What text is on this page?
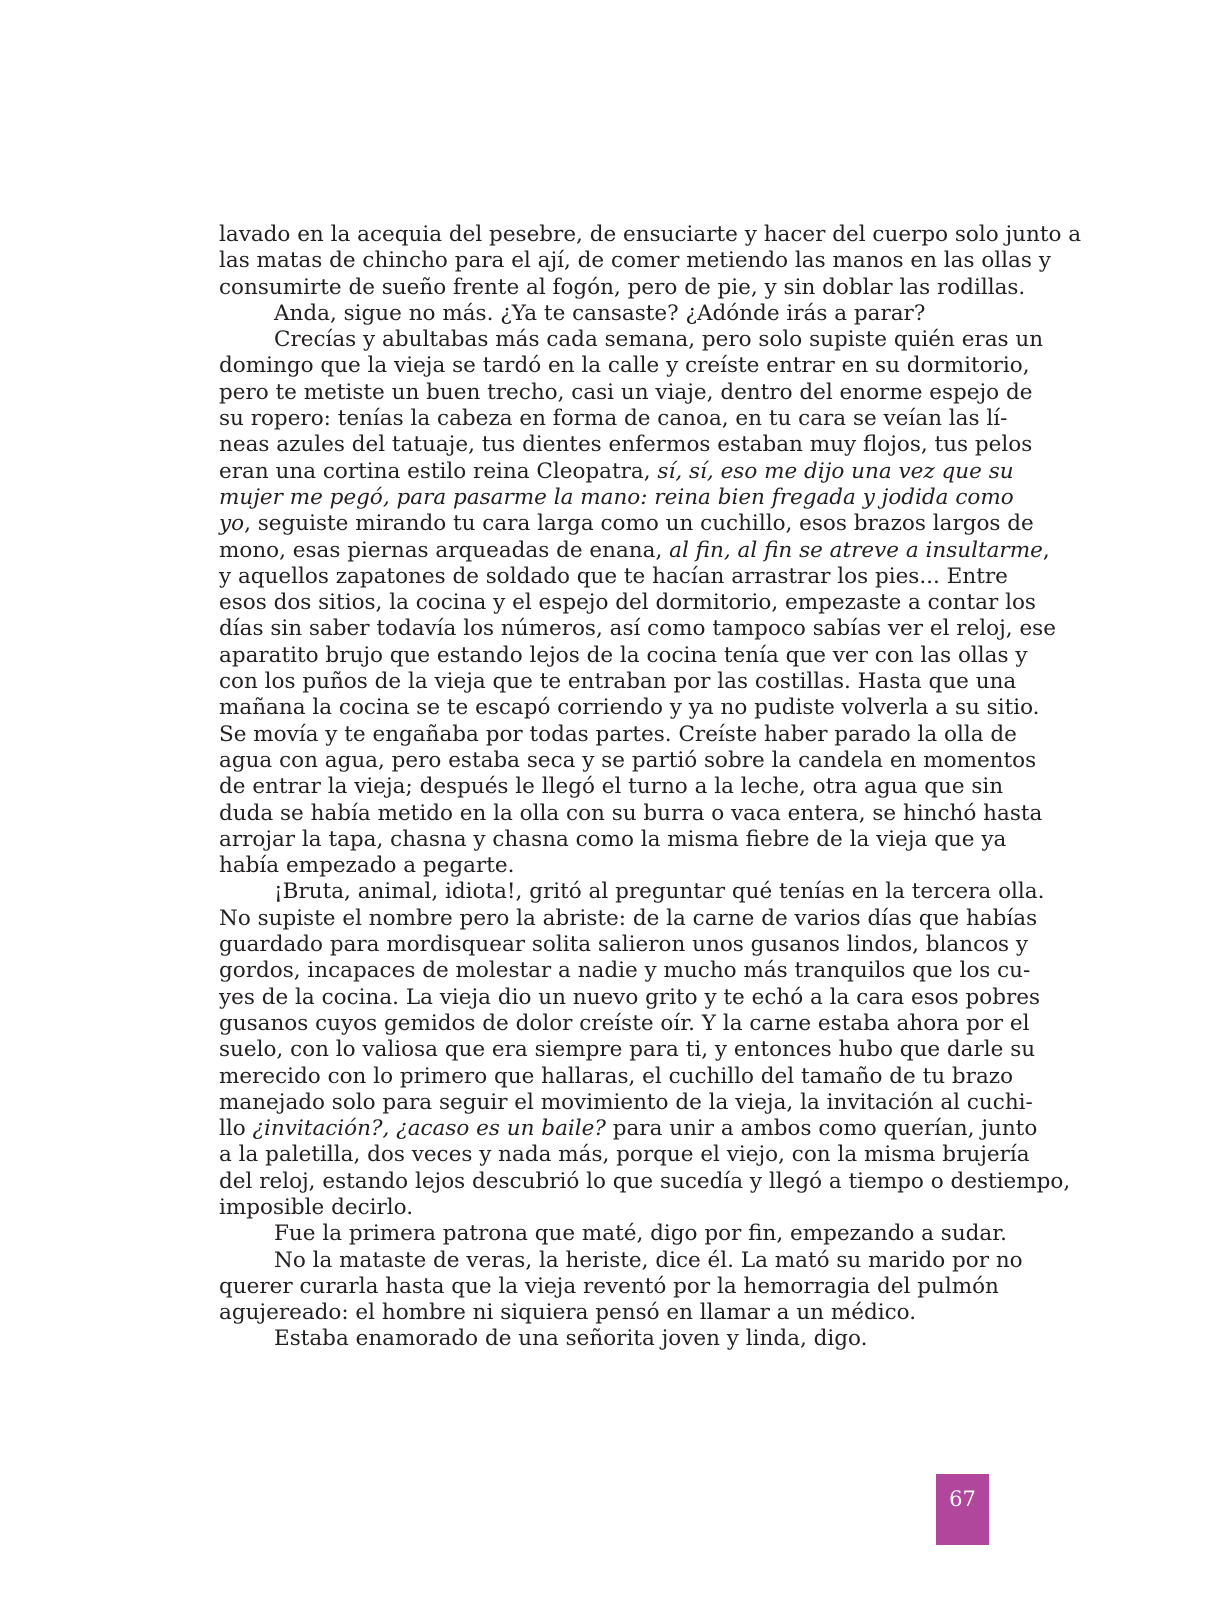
lavado en la acequia del pesebre, de ensuciarte y hacer del cuerpo solo junto a
las matas de chincho para el ají, de comer metiendo las manos en las ollas y
consumirte de sueño frente al fogón, pero de pie, y sin doblar las rodillas.
Anda, sigue no más. ¿Ya te cansaste? ¿Adónde irás a parar?
Crecías y abultabas más cada semana, pero solo supiste quién eras un
domingo que la vieja se tardó en la calle y creíste entrar en su dormitorio,
pero te metiste un buen trecho, casi un viaje, dentro del enorme espejo de
su ropero: tenías la cabeza en forma de canoa, en tu cara se veían las lí-
neas azules del tatuaje, tus dientes enfermos estaban muy flojos, tus pelos
eran una cortina estilo reina Cleopatra, sí, sí, eso me dijo una vez que su
mujer me pegó, para pasarme la mano: reina bien fregada y jodida como
yo, seguiste mirando tu cara larga como un cuchillo, esos brazos largos de
mono, esas piernas arqueadas de enana, al fin, al fin se atreve a insultarme,
y aquellos zapatones de soldado que te hacían arrastrar los pies... Entre
esos dos sitios, la cocina y el espejo del dormitorio, empezaste a contar los
días sin saber todavía los números, así como tampoco sabías ver el reloj, ese
aparatito brujo que estando lejos de la cocina tenía que ver con las ollas y
con los puños de la vieja que te entraban por las costillas. Hasta que una
mañana la cocina se te escapó corriendo y ya no pudiste volverla a su sitio.
Se movía y te engañaba por todas partes. Creíste haber parado la olla de
agua con agua, pero estaba seca y se partió sobre la candela en momentos
de entrar la vieja; después le llegó el turno a la leche, otra agua que sin
duda se había metido en la olla con su burra o vaca entera, se hinchó hasta
arrojar la tapa, chasna y chasna como la misma fiebre de la vieja que ya
había empezado a pegarte.
¡Bruta, animal, idiota!, gritó al preguntar qué tenías en la tercera olla.
No supiste el nombre pero la abriste: de la carne de varios días que habías
guardado para mordisquear solita salieron unos gusanos lindos, blancos y
gordos, incapaces de molestar a nadie y mucho más tranquilos que los cu-
yes de la cocina. La vieja dio un nuevo grito y te echó a la cara esos pobres
gusanos cuyos gemidos de dolor creíste oír. Y la carne estaba ahora por el
suelo, con lo valiosa que era siempre para ti, y entonces hubo que darle su
merecido con lo primero que hallaras, el cuchillo del tamaño de tu brazo
manejado solo para seguir el movimiento de la vieja, la invitación al cuchi-
llo ¿invitación?, ¿acaso es un baile? para unir a ambos como querían, junto
a la paletilla, dos veces y nada más, porque el viejo, con la misma brujería
del reloj, estando lejos descubrió lo que sucedía y llegó a tiempo o destiempo,
imposible decirlo.
Fue la primera patrona que maté, digo por fin, empezando a sudar.
No la mataste de veras, la heriste, dice él. La mató su marido por no
querer curarla hasta que la vieja reventó por la hemorragia del pulmón
agujereado: el hombre ni siquiera pensó en llamar a un médico.
Estaba enamorado de una señorita joven y linda, digo.
67
